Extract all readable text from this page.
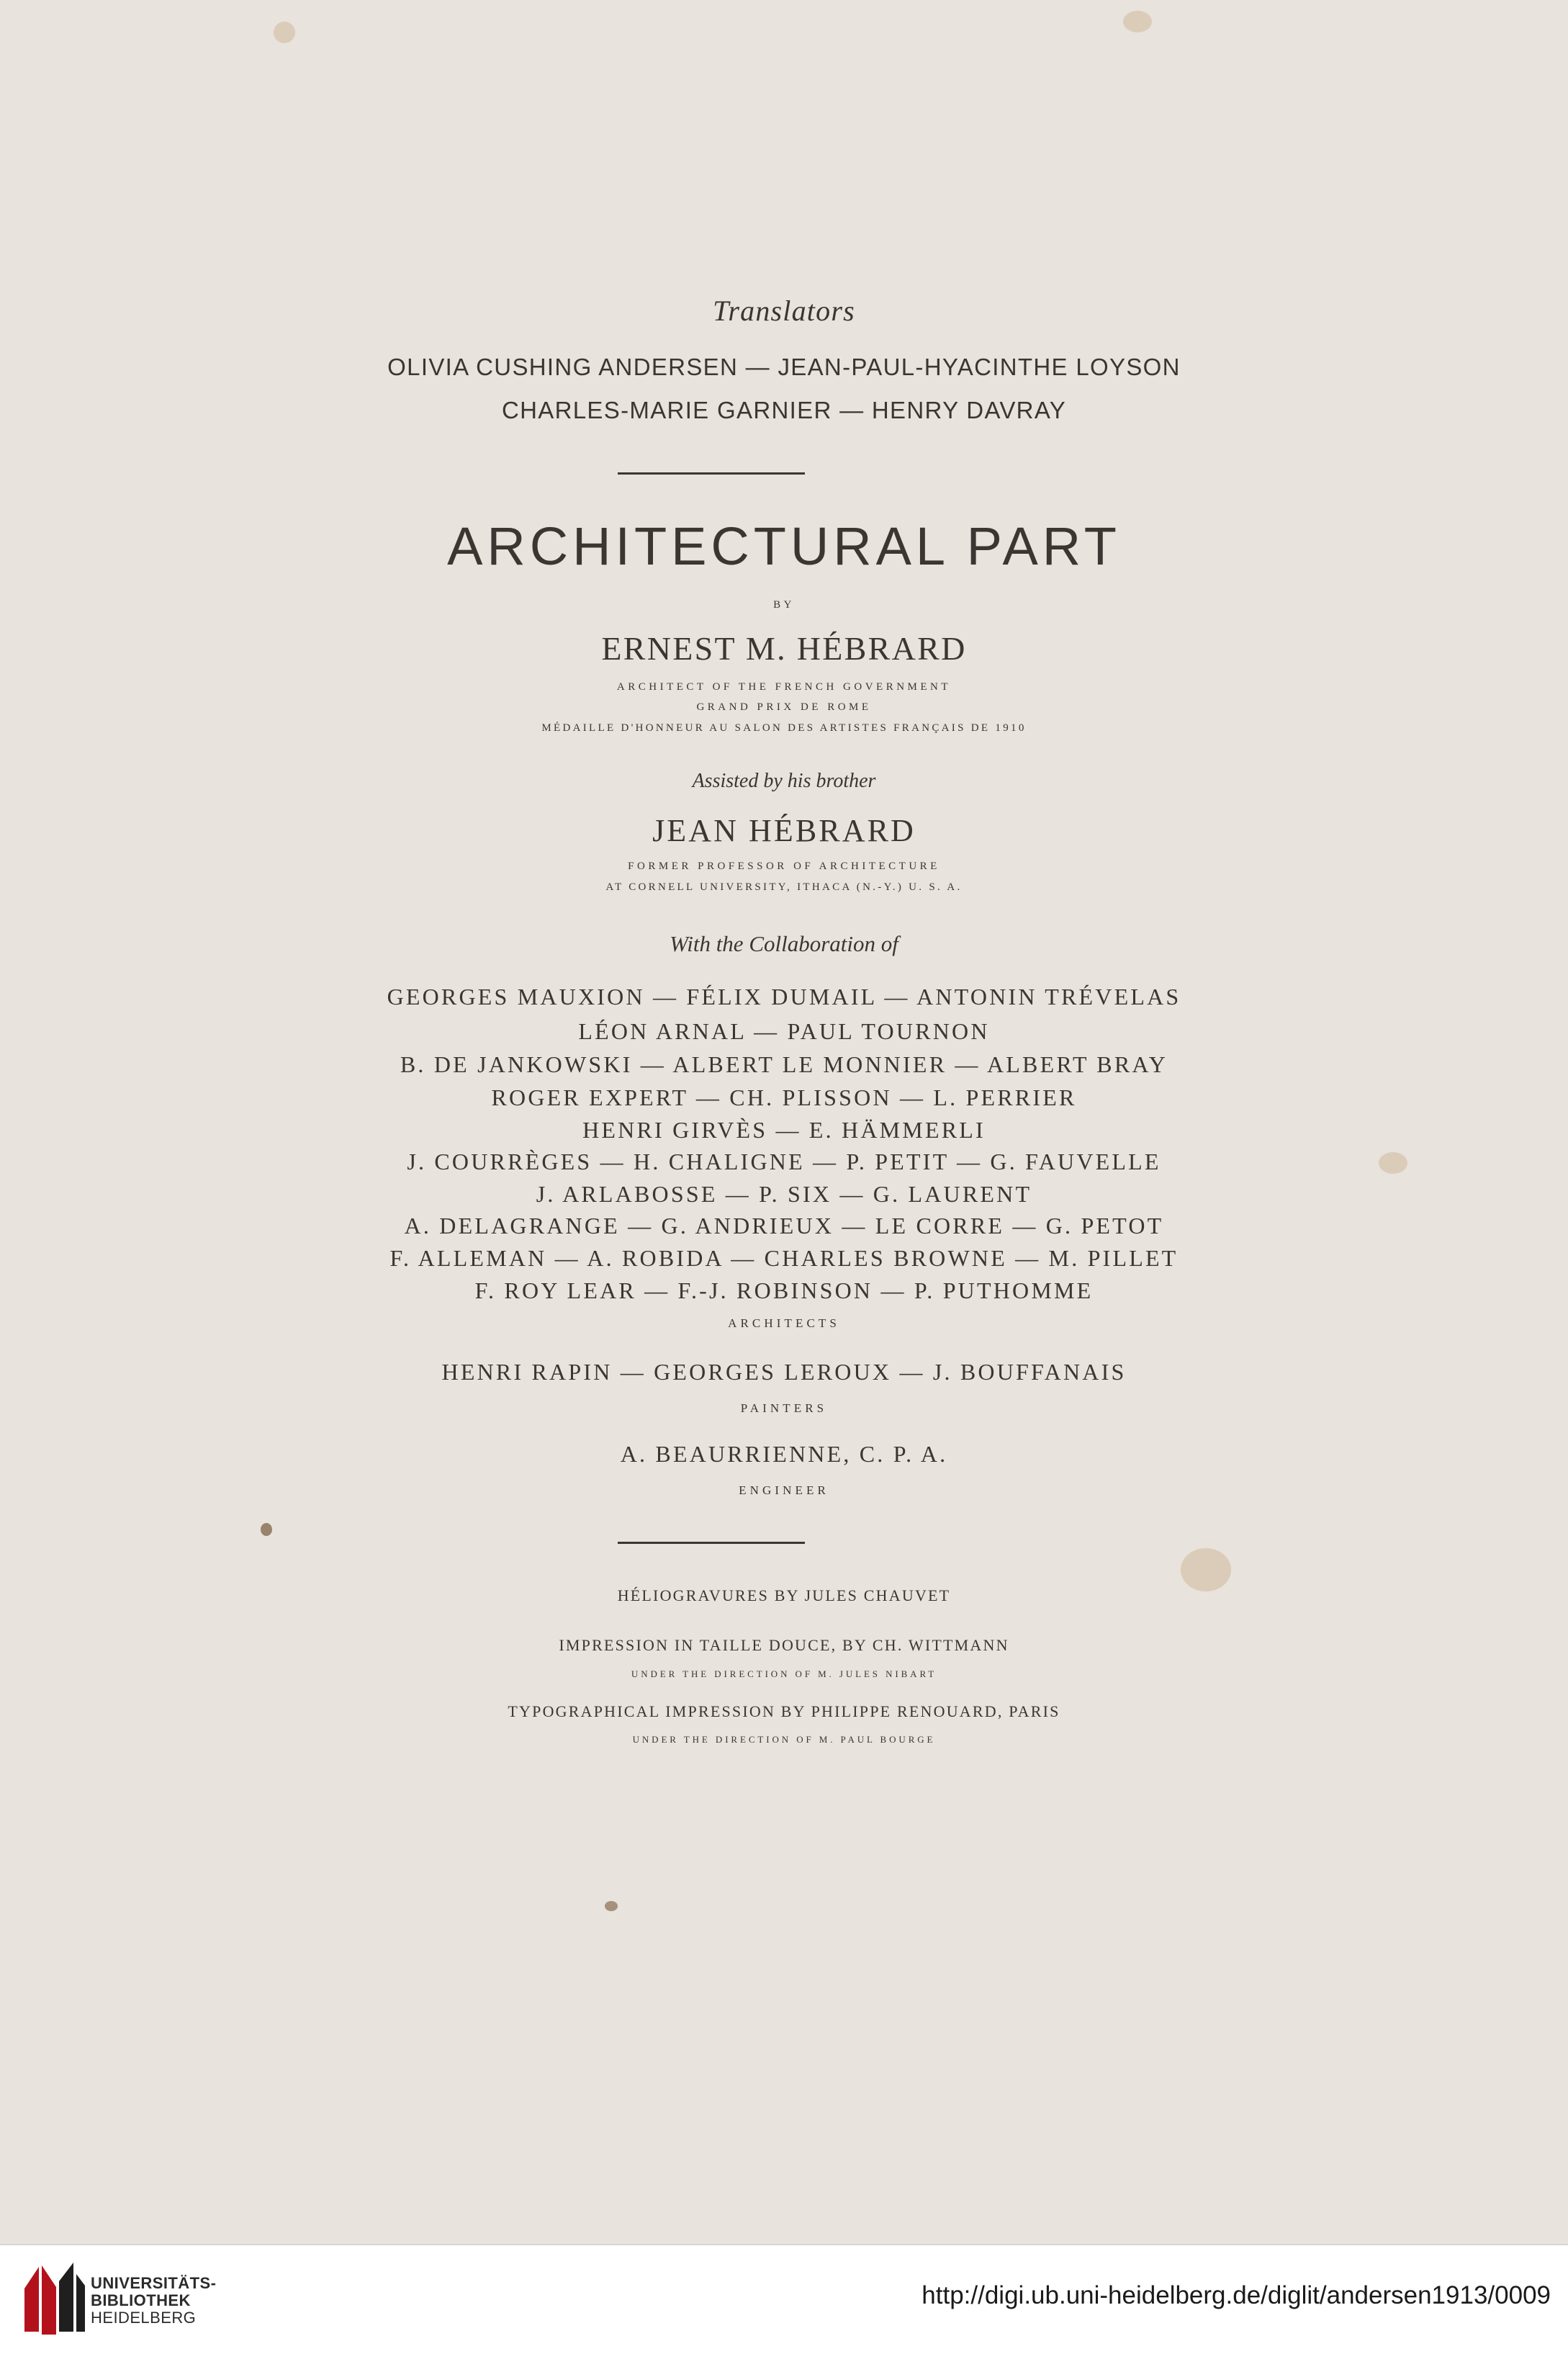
Translators
OLIVIA CUSHING ANDERSEN — JEAN-PAUL-HYACINTHE LOYSON
CHARLES-MARIE GARNIER — HENRY DAVRAY
ARCHITECTURAL PART
BY
ERNEST M. HÉBRARD
ARCHITECT OF THE FRENCH GOVERNMENT
GRAND PRIX DE ROME
MÉDAILLE D'HONNEUR AU SALON DES ARTISTES FRANÇAIS DE 1910
Assisted by his brother
JEAN HÉBRARD
FORMER PROFESSOR OF ARCHITECTURE
AT CORNELL UNIVERSITY, ITHACA (N.-Y.) U. S. A.
With the Collaboration of
GEORGES MAUXION — FÉLIX DUMAIL — ANTONIN TRÉVELAS
LÉON ARNAL — PAUL TOURNON
B. DE JANKOWSKI — ALBERT LE MONNIER — ALBERT BRAY
ROGER EXPERT — CH. PLISSON — L. PERRIER
HENRI GIRVÈS — E. HÄMMERLI
J. COURRÈGES — H. CHALIGNE — P. PETIT — G. FAUVELLE
J. ARLABOSSE — P. SIX — G. LAURENT
A. DELAGRANGE — G. ANDRIEUX — LE CORRE — G. PETOT
F. ALLEMAN — A. ROBIDA — CHARLES BROWNE — M. PILLET
F. ROY LEAR — F.-J. ROBINSON — P. PUTHOMME
ARCHITECTS
HENRI RAPIN — GEORGES LEROUX — J. BOUFFANAIS
PAINTERS
A. BEAURRIENNE, C. P. A.
ENGINEER
HÉLIOGRAVURES BY JULES CHAUVET
IMPRESSION IN TAILLE DOUCE, BY CH. WITTMANN
UNDER THE DIRECTION OF M. JULES NIBART
TYPOGRAPHICAL IMPRESSION BY PHILIPPE RENOUARD, PARIS
UNDER THE DIRECTION OF M. PAUL BOURGE
UNIVERSITÄTS-
BIBLIOTHEK
HEIDELBERG
http://digi.ub.uni-heidelberg.de/diglit/andersen1913/0009
